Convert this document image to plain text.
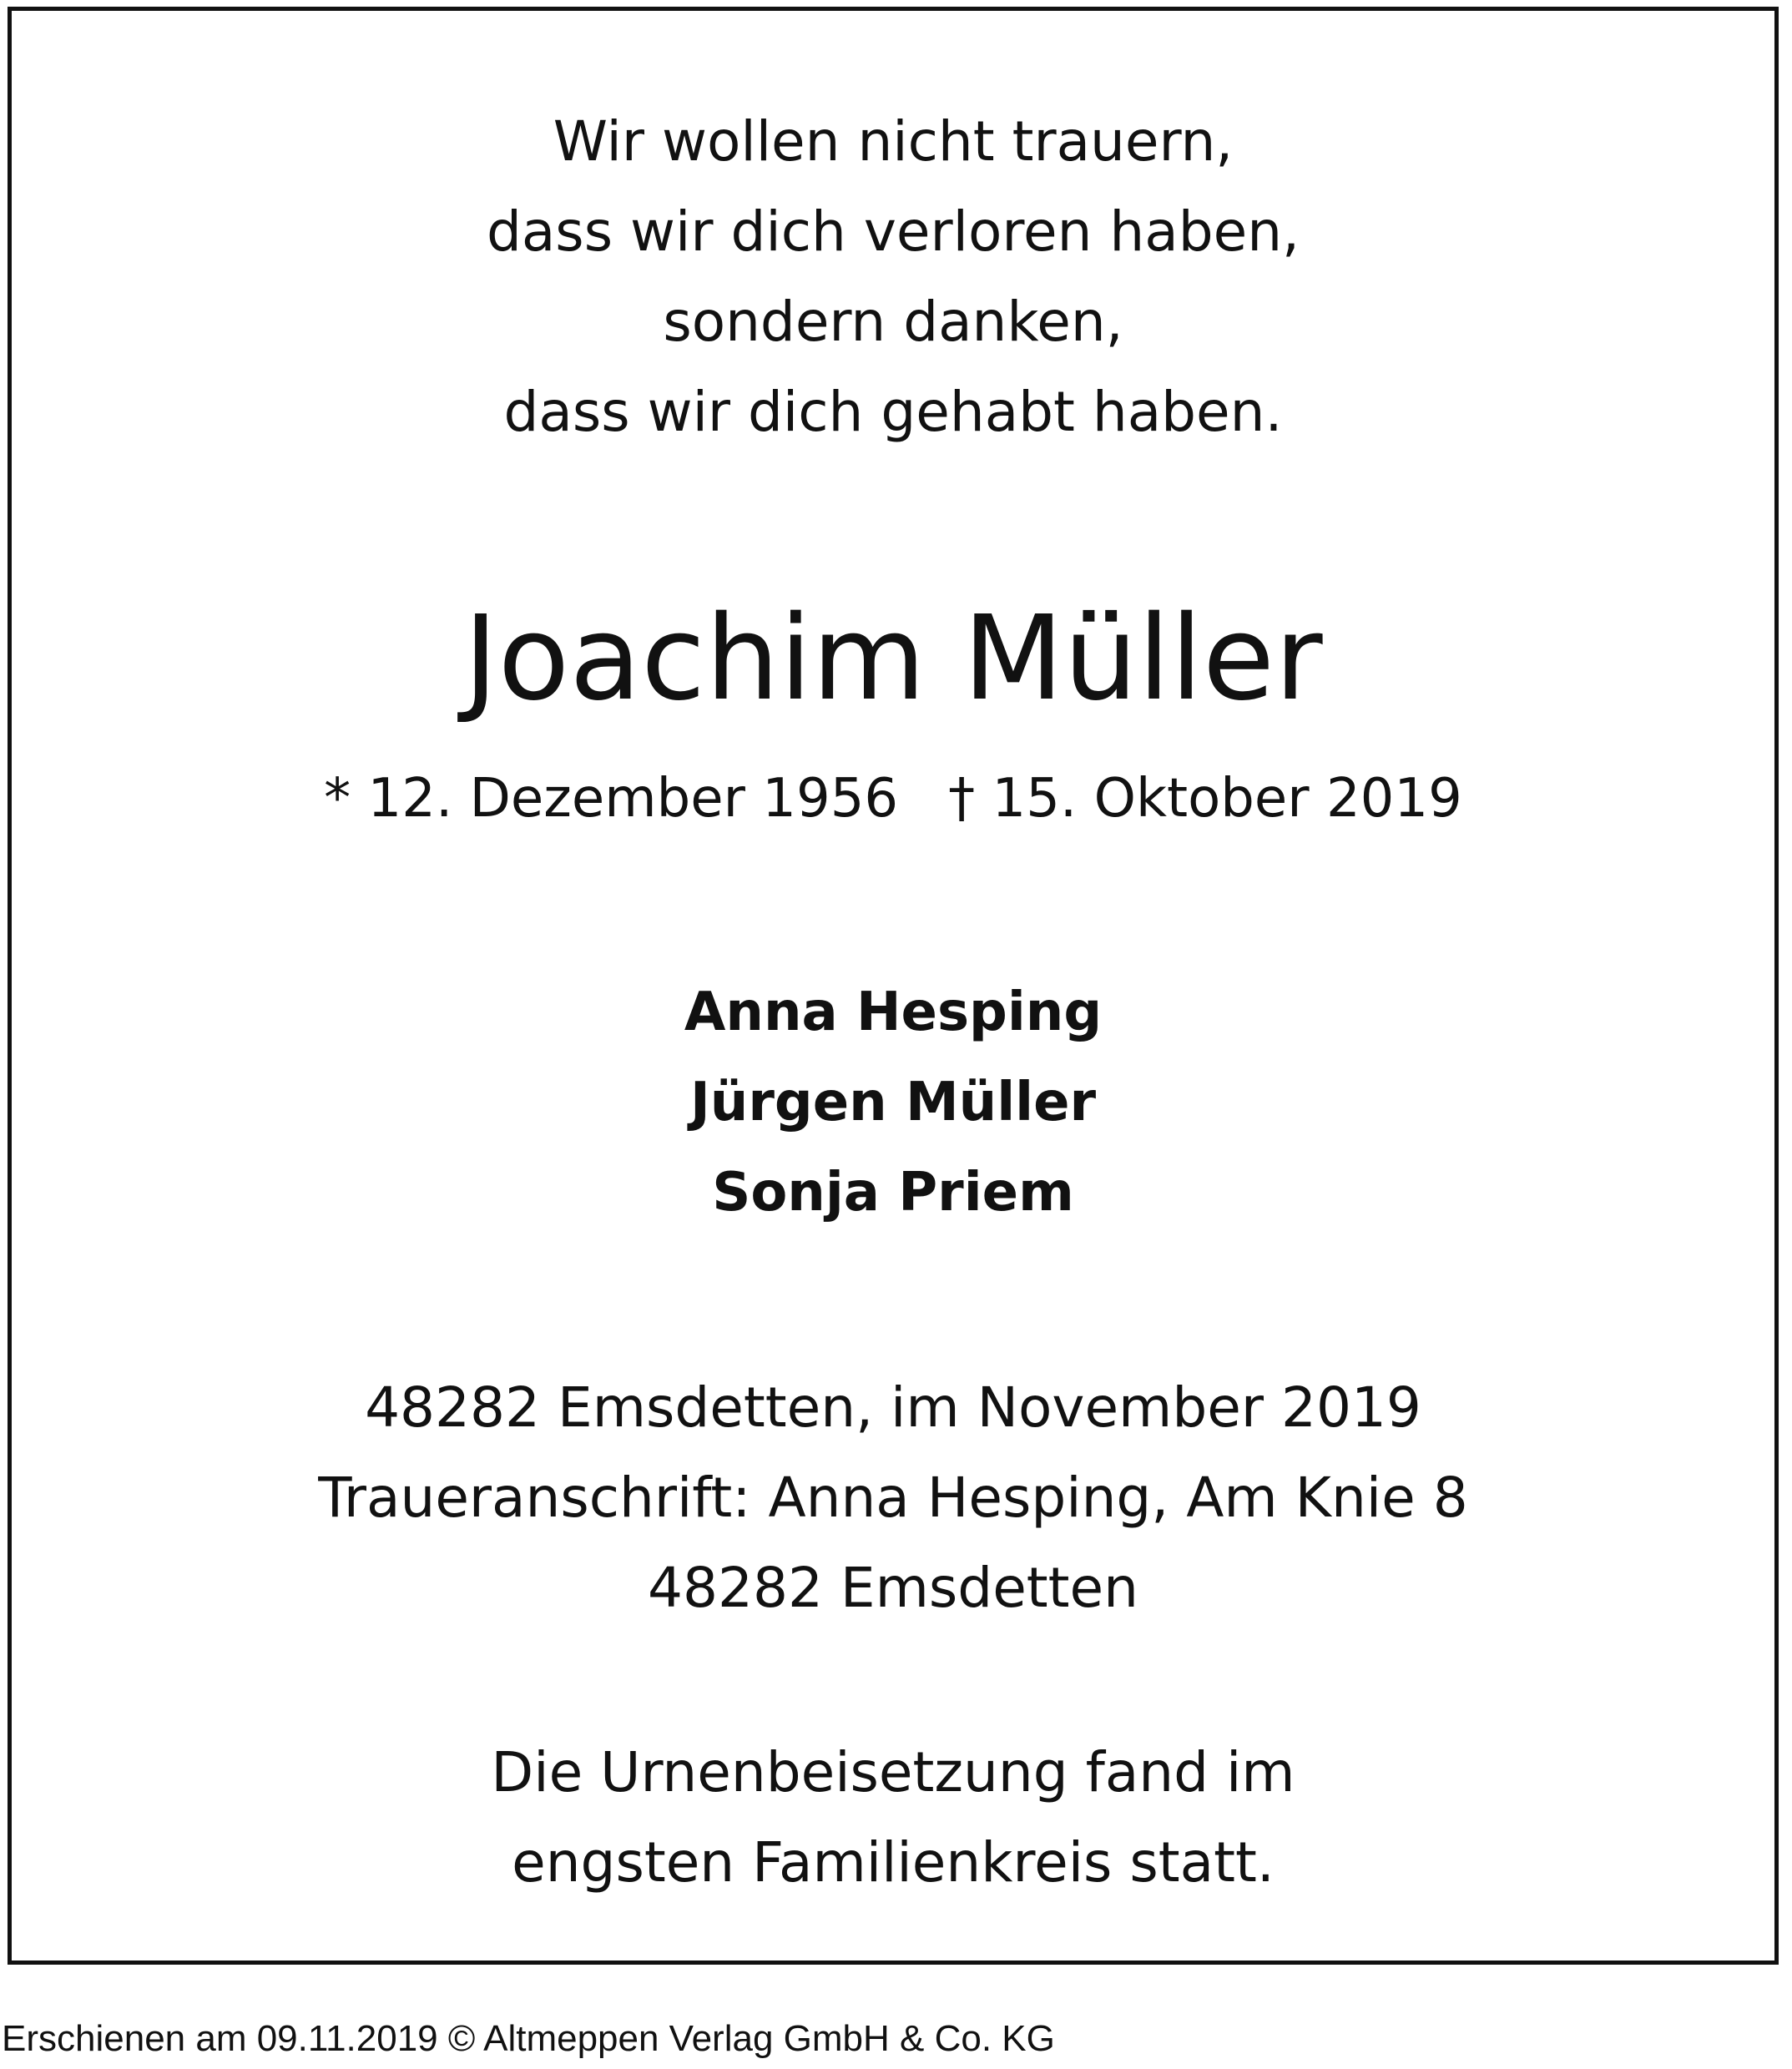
Wir wollen nicht trauern,
dass wir dich verloren haben,
sondern danken,
dass wir dich gehabt haben.
Joachim Müller
* 12. Dezember 1956 † 15. Oktober 2019
Anna Hesping
Jürgen Müller
Sonja Priem
48282 Emsdetten, im November 2019
Traueranschrift: Anna Hesping, Am Knie 8
48282 Emsdetten
Die Urnenbeisetzung fand im
engsten Familienkreis statt.
Erschienen am 09.11.2019 © Altmeppen Verlag GmbH & Co. KG
